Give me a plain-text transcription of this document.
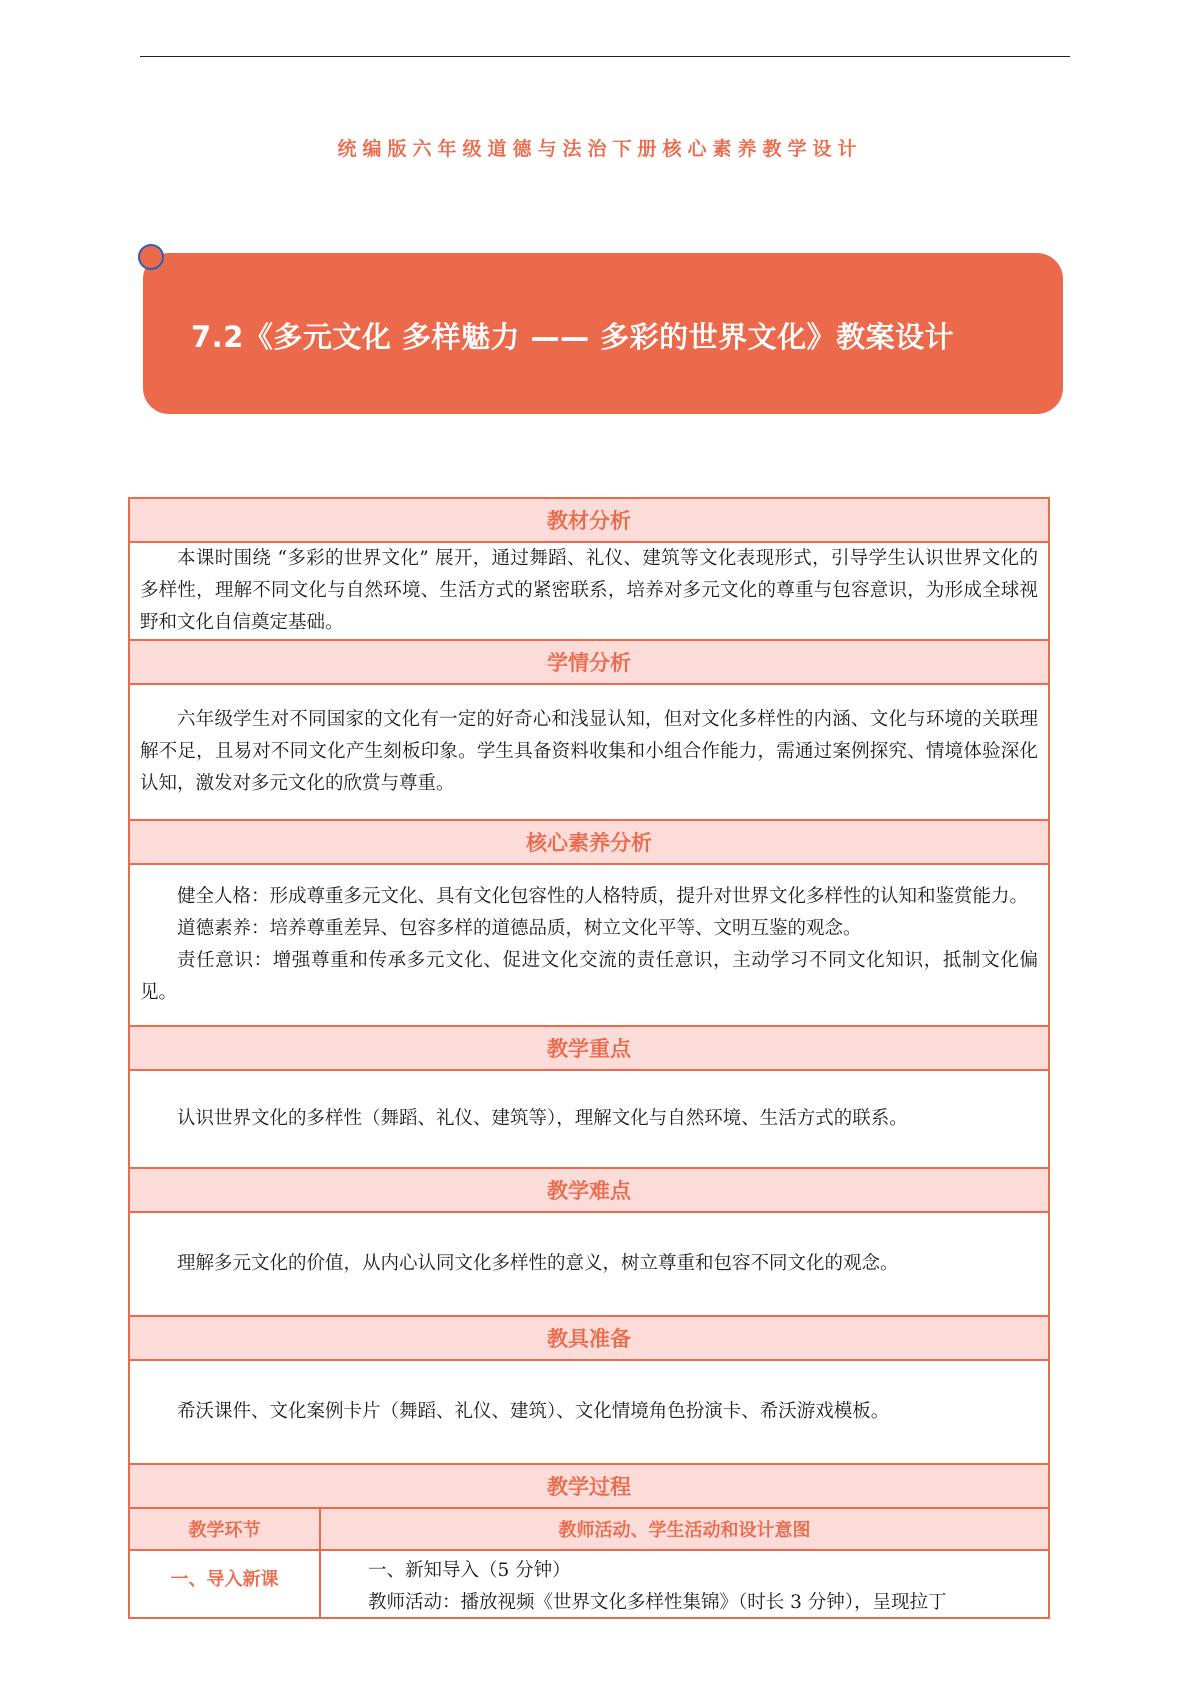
统编版六年级道德与法治下册核心素养教学设计
7.2《多元文化 多样魅力 —— 多彩的世界文化》教案设计
教材分析

本课时围绕 “多彩的世界文化” 展开，通过舞蹈、礼仪、建筑等文化表现形式，引导学生认识世界文化的多样性，理解不同文化与自然环境、生活方式的紧密联系，培养对多元文化的尊重与包容意识，为形成全球视野和文化自信奠定基础。

学情分析

六年级学生对不同国家的文化有一定的好奇心和浅显认知，但对文化多样性的内涵、文化与环境的关联理解不足，且易对不同文化产生刻板印象。学生具备资料收集和小组合作能力，需通过案例探究、情境体验深化认知，激发对多元文化的欣赏与尊重。

核心素养分析

健全人格：形成尊重多元文化、具有文化包容性的人格特质，提升对世界文化多样性的认知和鉴赏能力。

道德素养：培养尊重差异、包容多样的道德品质，树立文化平等、文明互鉴的观念。

责任意识：增强尊重和传承多元文化、促进文化交流的责任意识，主动学习不同文化知识，抵制文化偏见。

教学重点

认识世界文化的多样性（舞蹈、礼仪、建筑等），理解文化与自然环境、生活方式的联系。

教学难点

理解多元文化的价值，从内心认同文化多样性的意义，树立尊重和包容不同文化的观念。

教具准备

希沃课件、文化案例卡片（舞蹈、礼仪、建筑）、文化情境角色扮演卡、希沃游戏模板。

教学过程
教学环节	教师活动、学生活动和设计意图
一、导入新课	一、新知导入（5 分钟）

教师活动：播放视频《世界文化多样性集锦》（时长 3 分钟），呈现拉丁
